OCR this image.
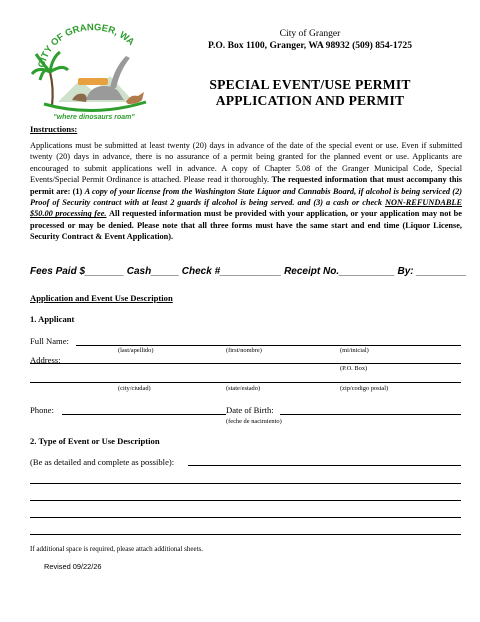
CITY OF GRANGER, WA
"where dinosaurs roam"
City of Granger
P.O. Box 1100, Granger, WA 98932 (509) 854-1725
SPECIAL EVENT/USE PERMIT
APPLICATION AND PERMIT
Instructions:
Applications must be submitted at least twenty (20) days in advance of the date of the special event or use. Even if submitted twenty (20) days in advance, there is no assurance of a permit being granted for the planned event or use. Applicants are encouraged to submit applications well in advance. A copy of Chapter 5.08 of the Granger Municipal Code, Special Events/Special Permit Ordinance is attached. Please read it thoroughly. The requested information that must accompany this permit are: (1) A copy of your license from the Washington State Liquor and Cannabis Board, if alcohol is being serviced (2) Proof of Security contract with at least 2 guards if alcohol is being served. and (3) a cash or check NON-REFUNDABLE $50.00 processing fee. All requested information must be provided with your application, or your application may not be processed or may be denied. Please note that all three forms must have the same start and end time (Liquor License, Security Contract & Event Application).
Fees Paid $_______ Cash_____ Check #___________ Receipt No.__________ By: _________
Application and Event Use Description
1. Applicant
Full Name:
(last/apellido)	(first/nombre)	(mi/inicial)
Address:
(P.O. Box)
(city/ciudad)	(state/estado)	(zip/codigo postal)
Phone:	Date of Birth:
(feche de nacimiento)
2. Type of Event or Use Description
(Be as detailed and complete as possible):
If additional space is required, please attach additional sheets.
Revised 09/22/26
